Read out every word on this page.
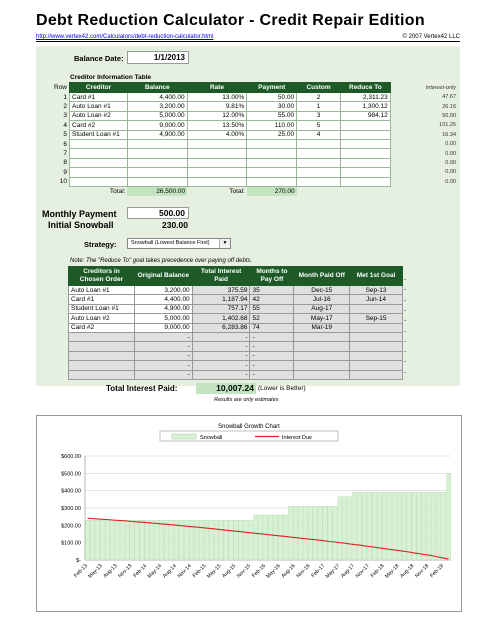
Debt Reduction Calculator - Credit Repair Edition
http://www.vertex42.com/Calculators/debt-reduction-calculator.html	© 2007 Vertex42 LLC
Balance Date:	1/1/2013
Creditor Information Table
Row	Creditor	Balance	Rate	Payment	Custom	Reduce To	Interest-only
1	Card #1	4,400.00	13.00%	50.00	2	2,311.23	47.67
2	Auto Loan #1	3,200.00	9.81%	30.00	1	1,300.12	26.16
3	Auto Loan #2	5,000.00	12.00%	55.00	3	984.12	50.00
4	Card #2	9,000.00	13.50%	110.00	5		101.25
5	Student Loan #1	4,900.00	4.00%	25.00	4		16.34
6							0.00
7							0.00
8							0.00
9							0.00
10							0.00
	Total:	26,500.00	Total:	270.00			
Monthly Payment	500.00
Initial Snowball	230.00
Strategy:	Snowball (Lowest Balance First)	▼
Note: The "Reduce To" goal takes precedence over paying off debts.
Creditors in Chosen Order	Original Balance	Total Interest Paid	Months to Pay Off	Month Paid Off	Met 1st Goal
Auto Loan #1	3,200.00	375.59	35	Dec-15	Sep-13
Card #1	4,400.00	1,187.94	42	Jul-16	Jun-14
Student Loan #1	4,900.00	757.17	55	Aug-17	
Auto Loan #2	5,000.00	1,402.68	52	May-17	Sep-15
Card #2	9,000.00	6,283.86	74	Mar-19	
	-	-	-		
	-	-	-		
	-	-	-		
	-	-	-		
	-	-	-		
-
-
-
-
-
-
-
-
-
-
Total Interest Paid:	10,007.24 (Lower is Better)
Results are only estimates
Snowball Growth Chart
Snowball	Interest Due
$-
$100.00
$200.00
$300.00
$400.00
$500.00
$600.00
Feb-13
May-13
Aug-13
Nov-13
Feb-14
May-14
Aug-14
Nov-14
Feb-15
May-15
Aug-15
Nov-15
Feb-16
May-16
Aug-16
Nov-16
Feb-17
May-17
Aug-17
Nov-17
Feb-18
May-18
Aug-18
Nov-18
Feb-19
